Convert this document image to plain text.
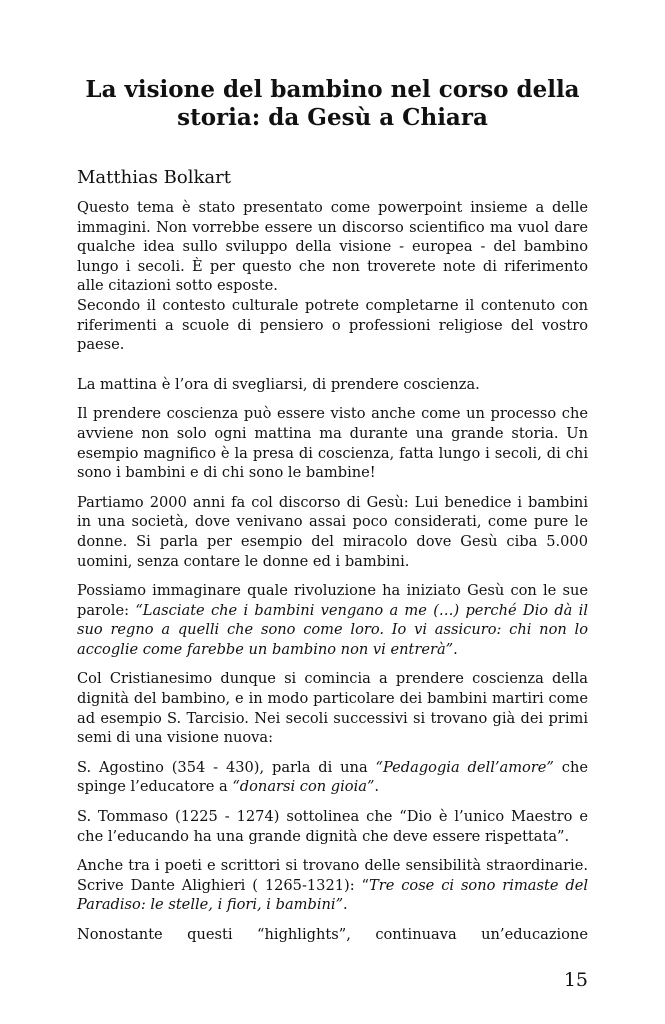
La visione del bambino nel corso della storia: da Gesù a Chiara
Matthias Bolkart

Questo tema è stato presentato come powerpoint insieme a delle immagini. Non vorrebbe essere un discorso scientifico ma vuol dare qualche idea sullo sviluppo della visione - europea - del bambino lungo i secoli. È per questo che non troverete note di riferimento alle citazioni sotto esposte.

Secondo il contesto culturale potrete completarne il contenuto con riferimenti a scuole di pensiero o professioni religiose del vostro paese.

La mattina è l’ora di svegliarsi, di prendere coscienza.

Il prendere coscienza può essere visto anche come un processo che avviene non solo ogni mattina ma durante una grande storia. Un esempio magnifico è la presa di coscienza, fatta lungo i secoli, di chi sono i bambini e di chi sono le bambine!

Partiamo 2000 anni fa col discorso di Gesù: Lui benedice i bambini in una società, dove venivano assai poco considerati, come pure le donne. Si parla per esempio del miracolo dove Gesù ciba 5.000 uomini, senza contare le donne ed i bambini.

Possiamo immaginare quale rivoluzione ha iniziato Gesù con le sue parole: “Lasciate che i bambini vengano a me (…) perché Dio dà il suo regno a quelli che sono come loro. Io vi assicuro: chi non lo accoglie come farebbe un bambino non vi entrerà”.

Col Cristianesimo dunque si comincia a prendere coscienza della dignità del bambino, e in modo particolare dei bambini martiri come ad esempio S. Tarcisio. Nei secoli successivi si trovano già dei primi semi di una visione nuova:

S. Agostino (354 - 430), parla di una “Pedagogia dell’amore” che spinge l’educatore a “donarsi con gioia”.

S. Tommaso (1225 - 1274) sottolinea che “Dio è l’unico Maestro e che l’educando ha una grande dignità che deve essere rispettata”.

Anche tra i poeti e scrittori si trovano delle sensibilità straordinarie. Scrive Dante Alighieri ( 1265-1321): “Tre cose ci sono rimaste del Paradiso: le stelle, i fiori, i bambini”.

Nonostante questi “highlights”, continuava un’educazione

15
